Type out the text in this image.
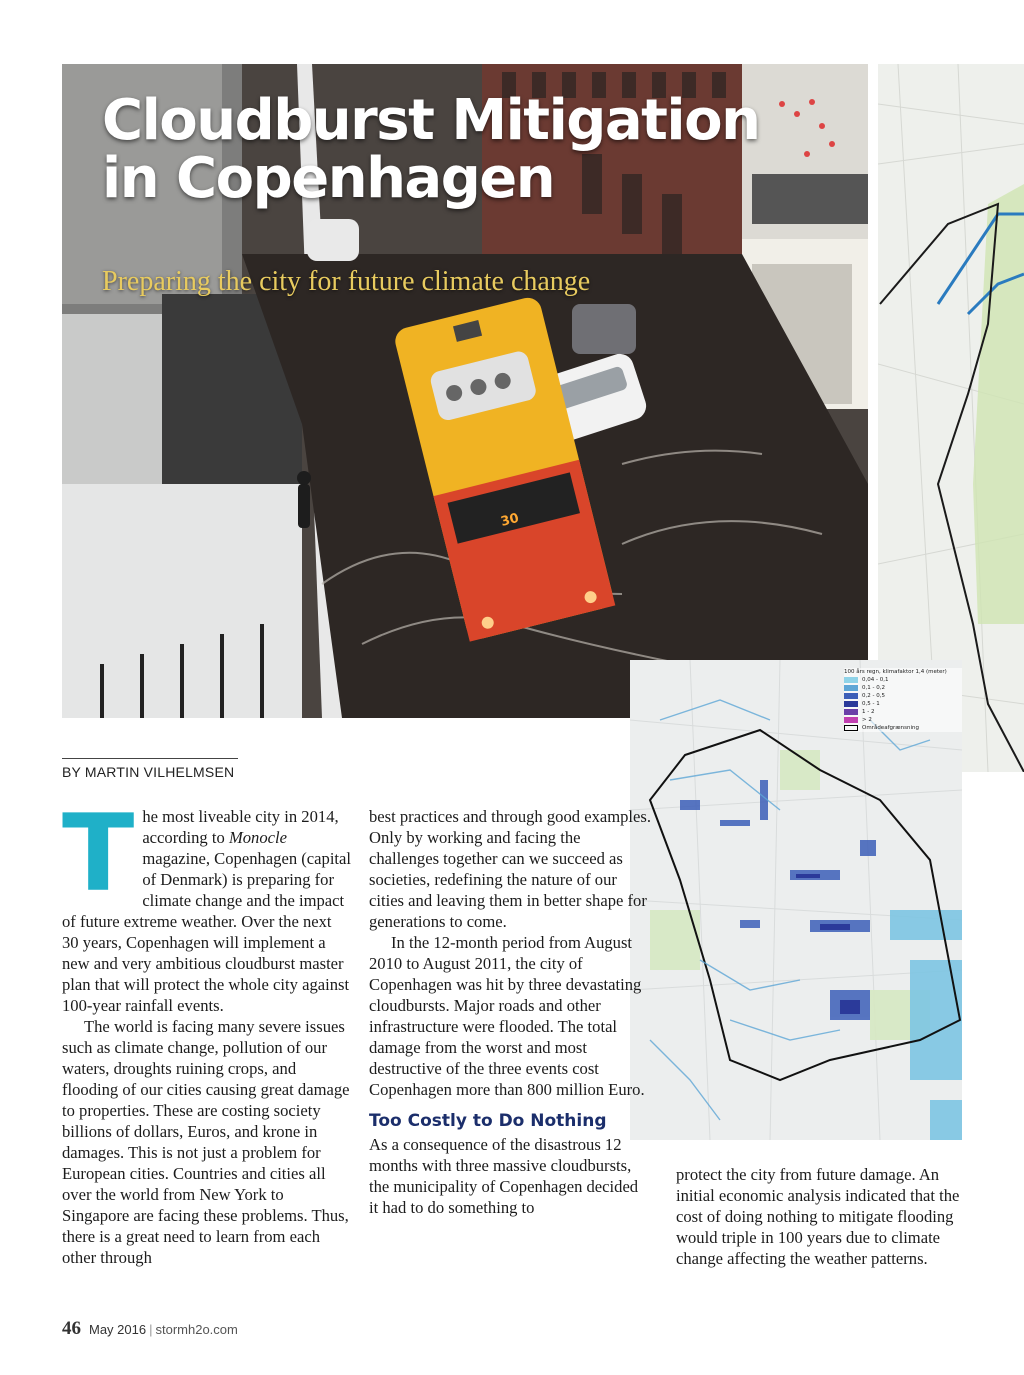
30
Cloudburst Mitigation
in Copenhagen
Preparing the city for future climate change
100 års regn, klimafaktor 1,4 (meter)
0,04 - 0,1
0,1 - 0,2
0,2 - 0,5
0,5 - 1
1 - 2
> 2
Områdeafgrænsning
BY MARTIN VILHELMSEN

The most liveable city in 2014, according to Monocle magazine, Copenhagen (capital of Denmark) is preparing for climate change and the impact of future extreme weather. Over the next 30 years, Copenhagen will implement a new and very ambitious cloudburst master plan that will protect the whole city against 100-year rainfall events.

The world is facing many severe issues such as climate change, pollution of our waters, droughts ruining crops, and flooding of our cities causing great damage to properties. These are costing society billions of dollars, Euros, and krone in damages. This is not just a problem for European cities. Countries and cities all over the world from New York to Singapore are facing these problems. Thus, there is a great need to learn from each other through

best practices and through good examples. Only by working and facing the challenges together can we succeed as societies, redefining the nature of our cities and leaving them in better shape for generations to come.

In the 12-month period from August 2010 to August 2011, the city of Copenhagen was hit by three devastating cloudbursts. Major roads and other infrastructure were flooded. The total damage from the worst and most destructive of the three events cost Copenhagen more than 800 million Euro.

Too Costly to Do Nothing

As a consequence of the disastrous 12 months with three massive cloudbursts, the municipality of Copenhagen decided it had to do something to

protect the city from future damage. An initial economic analysis indicated that the cost of doing nothing to mitigate flooding would triple in 100 years due to climate change affecting the weather patterns.

46 May 2016 | stormh2o.com
